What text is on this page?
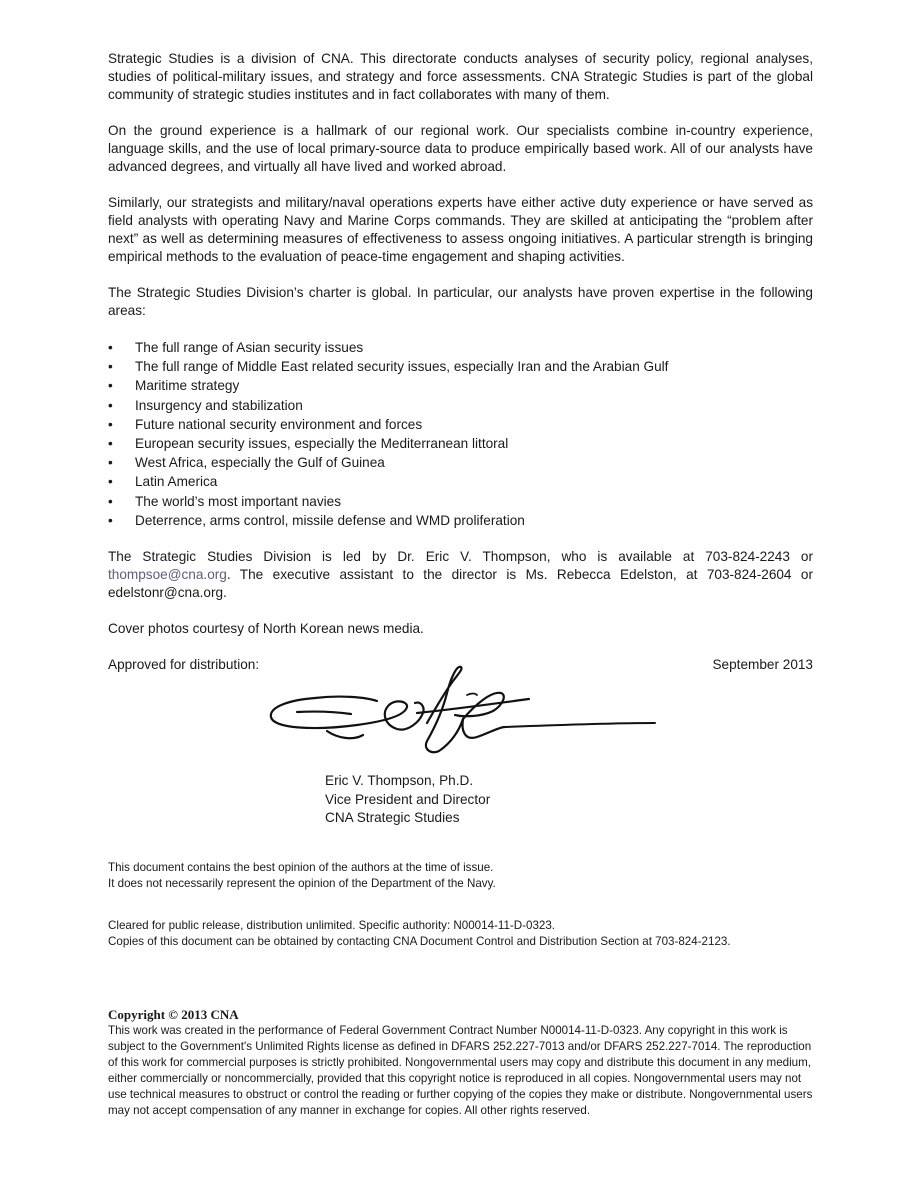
Strategic Studies is a division of CNA. This directorate conducts analyses of security policy, regional analyses, studies of political-military issues, and strategy and force assessments. CNA Strategic Studies is part of the global community of strategic studies institutes and in fact collaborates with many of them.

On the ground experience is a hallmark of our regional work. Our specialists combine in-country experience, language skills, and the use of local primary-source data to produce empirically based work. All of our analysts have advanced degrees, and virtually all have lived and worked abroad.

Similarly, our strategists and military/naval operations experts have either active duty experience or have served as field analysts with operating Navy and Marine Corps commands. They are skilled at anticipating the “problem after next” as well as determining measures of effectiveness to assess ongoing initiatives. A particular strength is bringing empirical methods to the evaluation of peace-time engagement and shaping activities.

The Strategic Studies Division’s charter is global. In particular, our analysts have proven expertise in the following areas:

• The full range of Asian security issues
• The full range of Middle East related security issues, especially Iran and the Arabian Gulf
• Maritime strategy
• Insurgency and stabilization
• Future national security environment and forces
• European security issues, especially the Mediterranean littoral
• West Africa, especially the Gulf of Guinea
• Latin America
• The world’s most important navies
• Deterrence, arms control, missile defense and WMD proliferation

The Strategic Studies Division is led by Dr. Eric V. Thompson, who is available at 703-824-2243 or thompsoe@cna.org. The executive assistant to the director is Ms. Rebecca Edelston, at 703-824-2604 or edelstonr@cna.org.

Cover photos courtesy of North Korean news media.

Approved for distribution:	September 2013
Eric V. Thompson, Ph.D.
Vice President and Director
CNA Strategic Studies
This document contains the best opinion of the authors at the time of issue.
It does not necessarily represent the opinion of the Department of the Navy.
Cleared for public release, distribution unlimited. Specific authority: N00014-11-D-0323.
Copies of this document can be obtained by contacting CNA Document Control and Distribution Section at 703-824-2123.
Copyright © 2013 CNA
This work was created in the performance of Federal Government Contract Number N00014-11-D-0323. Any copyright in this work is subject to the Government's Unlimited Rights license as defined in DFARS 252.227-7013 and/or DFARS 252.227-7014. The reproduction of this work for commercial purposes is strictly prohibited. Nongovernmental users may copy and distribute this document in any medium, either commercially or noncommercially, provided that this copyright notice is reproduced in all copies. Nongovernmental users may not use technical measures to obstruct or control the reading or further copying of the copies they make or distribute. Nongovernmental users may not accept compensation of any manner in exchange for copies. All other rights reserved.
